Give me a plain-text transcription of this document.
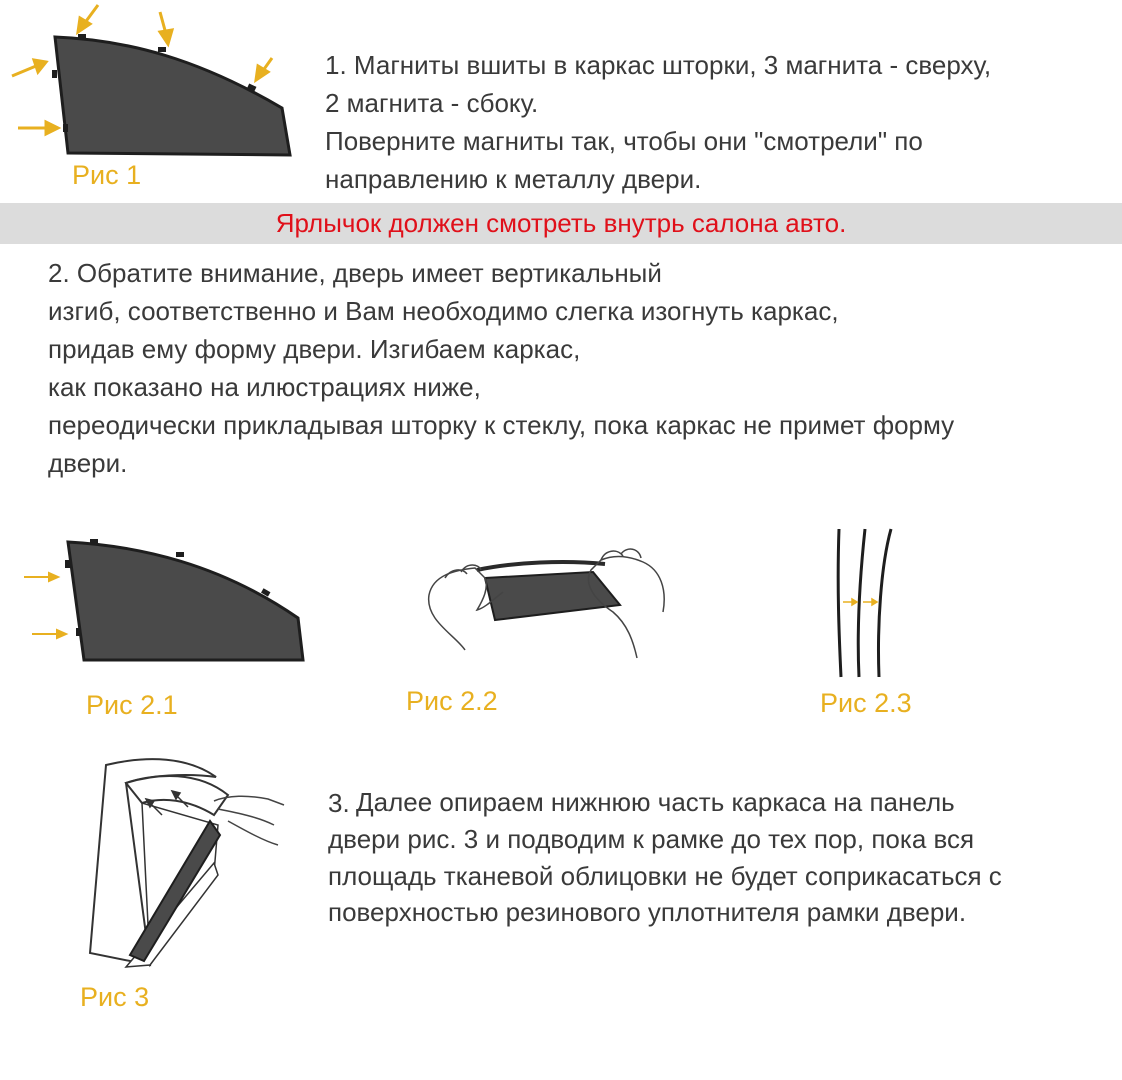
Рис 1
1. Магниты вшиты в каркас шторки, 3 магнита - сверху,
2 магнита - сбоку.
Поверните магниты так, чтобы они "смотрели" по
направлению к металлу двери.
Ярлычок должен смотреть внутрь салона авто.
2. Обратите внимание, дверь имеет вертикальный
изгиб, соответственно и Вам необходимо слегка изогнуть каркас,
придав ему форму двери. Изгибаем каркас,
как показано на илюстрациях ниже,
переодически прикладывая шторку к стеклу, пока каркас не примет форму
двери.
Рис 2.1	Рис 2.2	Рис 2.3
Рис 3
3. Далее опираем нижнюю часть каркаса на панель
двери рис. 3 и подводим к рамке до тех пор, пока вся
площадь тканевой облицовки не будет соприкасаться с
поверхностью резинового уплотнителя рамки двери.
